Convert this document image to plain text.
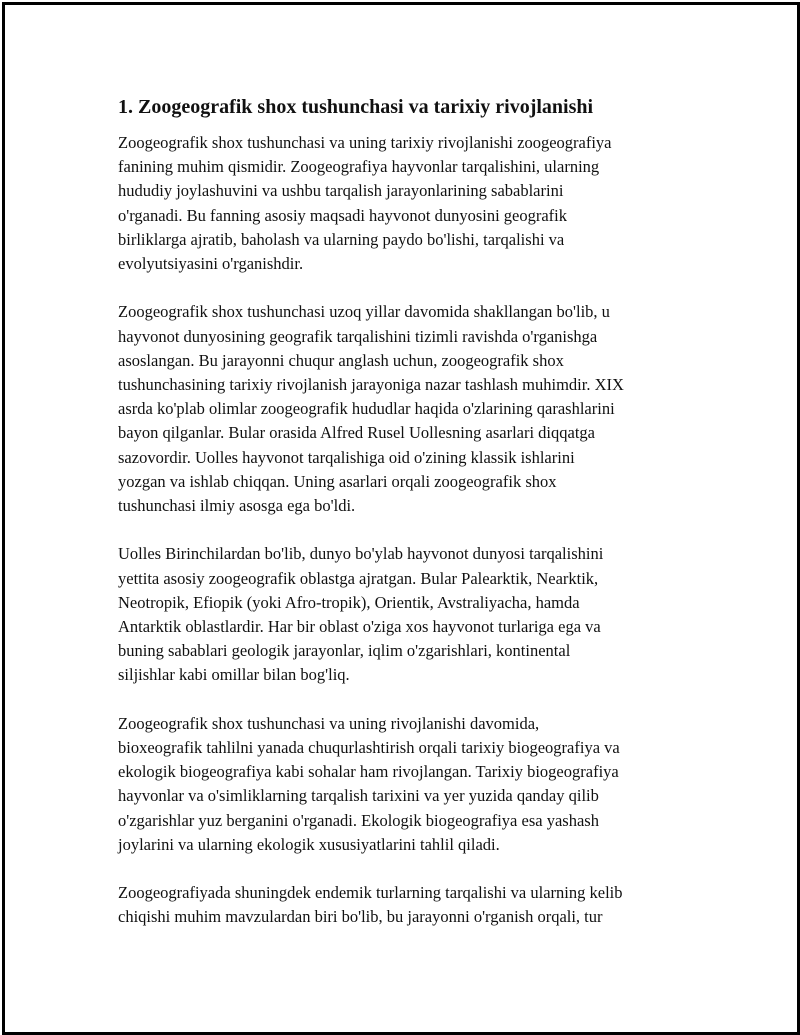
1. Zoogeografik shox tushunchasi va tarixiy rivojlanishi

Zoogeografik shox tushunchasi va uning tarixiy rivojlanishi zoogeografiya
fanining muhim qismidir. Zoogeografiya hayvonlar tarqalishini, ularning
hududiy joylashuvini va ushbu tarqalish jarayonlarining sabablarini
o'rganadi. Bu fanning asosiy maqsadi hayvonot dunyosini geografik
birliklarga ajratib, baholash va ularning paydo bo'lishi, tarqalishi va
evolyutsiyasini o'rganishdir.

Zoogeografik shox tushunchasi uzoq yillar davomida shakllangan bo'lib, u
hayvonot dunyosining geografik tarqalishini tizimli ravishda o'rganishga
asoslangan. Bu jarayonni chuqur anglash uchun, zoogeografik shox
tushunchasining tarixiy rivojlanish jarayoniga nazar tashlash muhimdir. XIX
asrda ko'plab olimlar zoogeografik hududlar haqida o'zlarining qarashlarini
bayon qilganlar. Bular orasida Alfred Rusel Uollesning asarlari diqqatga
sazovordir. Uolles hayvonot tarqalishiga oid o'zining klassik ishlarini
yozgan va ishlab chiqqan. Uning asarlari orqali zoogeografik shox
tushunchasi ilmiy asosga ega bo'ldi.

Uolles Birinchilardan bo'lib, dunyo bo'ylab hayvonot dunyosi tarqalishini
yettita asosiy zoogeografik oblastga ajratgan. Bular Palearktik, Nearktik,
Neotropik, Efiopik (yoki Afro-tropik), Orientik, Avstraliyacha, hamda
Antarktik oblastlardir. Har bir oblast o'ziga xos hayvonot turlariga ega va
buning sabablari geologik jarayonlar, iqlim o'zgarishlari, kontinental
siljishlar kabi omillar bilan bog'liq.

Zoogeografik shox tushunchasi va uning rivojlanishi davomida,
bioxeografik tahlilni yanada chuqurlashtirish orqali tarixiy biogeografiya va
ekologik biogeografiya kabi sohalar ham rivojlangan. Tarixiy biogeografiya
hayvonlar va o'simliklarning tarqalish tarixini va yer yuzida qanday qilib
o'zgarishlar yuz berganini o'rganadi. Ekologik biogeografiya esa yashash
joylarini va ularning ekologik xususiyatlarini tahlil qiladi.

Zoogeografiyada shuningdek endemik turlarning tarqalishi va ularning kelib
chiqishi muhim mavzulardan biri bo'lib, bu jarayonni o'rganish orqali, tur
